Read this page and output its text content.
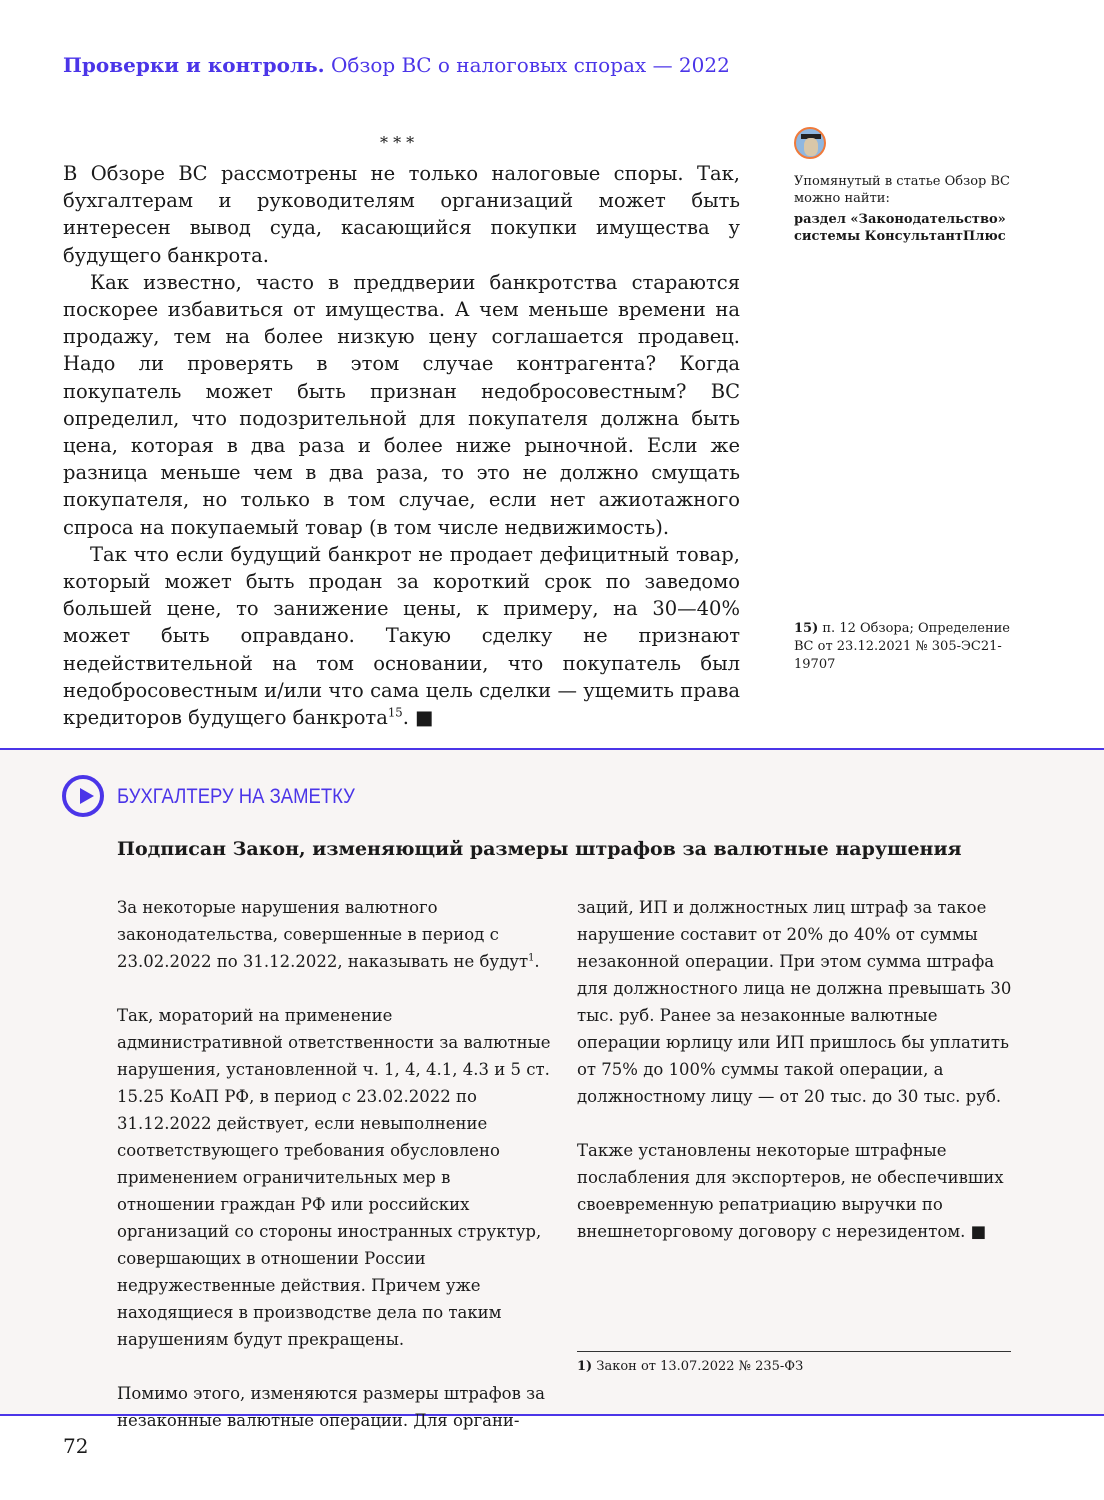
Проверки и контроль. Обзор ВС о налоговых спорах — 2022
* * *

В Обзоре ВС рассмотрены не только налоговые споры. Так, бухгалтерам и руководителям организаций может быть интересен вывод суда, касающийся покупки имущества у будущего банкрота.

Как известно, часто в преддверии банкротства стараются поскорее избавиться от имущества. А чем меньше времени на продажу, тем на более низкую цену соглашается продавец. Надо ли проверять в этом случае контрагента? Когда покупатель может быть признан недобросовестным? ВС определил, что подозрительной для покупателя должна быть цена, которая в два раза и более ниже рыночной. Если же разница меньше чем в два раза, то это не должно смущать покупателя, но только в том случае, если нет ажиотажного спроса на покупаемый товар (в том числе недвижимость).

Так что если будущий банкрот не продает дефицитный товар, который может быть продан за короткий срок по заведомо большей цене, то занижение цены, к примеру, на 30—40% может быть оправдано. Такую сделку не признают недействительной на том основании, что покупатель был недобросовестным и/или что сама цель сделки — ущемить права кредиторов будущего банкрота$^{15}$. ■

Упомянутый в статье Обзор ВС можно найти:
раздел «Законодательство» системы КонсультантПлюс
15) п. 12 Обзора; Определение ВС от 23.12.2021 № 305-ЭС21-19707
БУХГАЛТЕРУ НА ЗАМЕТКУ
Подписан Закон, изменяющий размеры штрафов за валютные нарушения

За некоторые нарушения валютного законодательства, совершенные в период с 23.02.2022 по 31.12.2022, наказывать не будут$^1$.

Так, мораторий на применение административной ответственности за валютные нарушения, установленной ч. 1, 4, 4.1, 4.3 и 5 ст. 15.25 КоАП РФ, в период с 23.02.2022 по 31.12.2022 действует, если невыполнение соответствующего требования обусловлено применением ограничительных мер в отношении граждан РФ или российских организаций со стороны иностранных структур, совершающих в отношении России недружественные действия. Причем уже находящиеся в производстве дела по таким нарушениям будут прекращены.

Помимо этого, изменяются размеры штрафов за незаконные валютные операции. Для органи-

заций, ИП и должностных лиц штраф за такое нарушение составит от 20% до 40% от суммы незаконной операции. При этом сумма штрафа для должностного лица не должна превышать 30 тыс. руб. Ранее за незаконные валютные операции юрлицу или ИП пришлось бы уплатить от 75% до 100% суммы такой операции, а должностному лицу — от 20 тыс. до 30 тыс. руб.

Также установлены некоторые штрафные послабления для экспортеров, не обеспечивших своевременную репатриацию выручки по внешнеторговому договору с нерезидентом. ■

1) Закон от 13.07.2022 № 235-ФЗ
72
